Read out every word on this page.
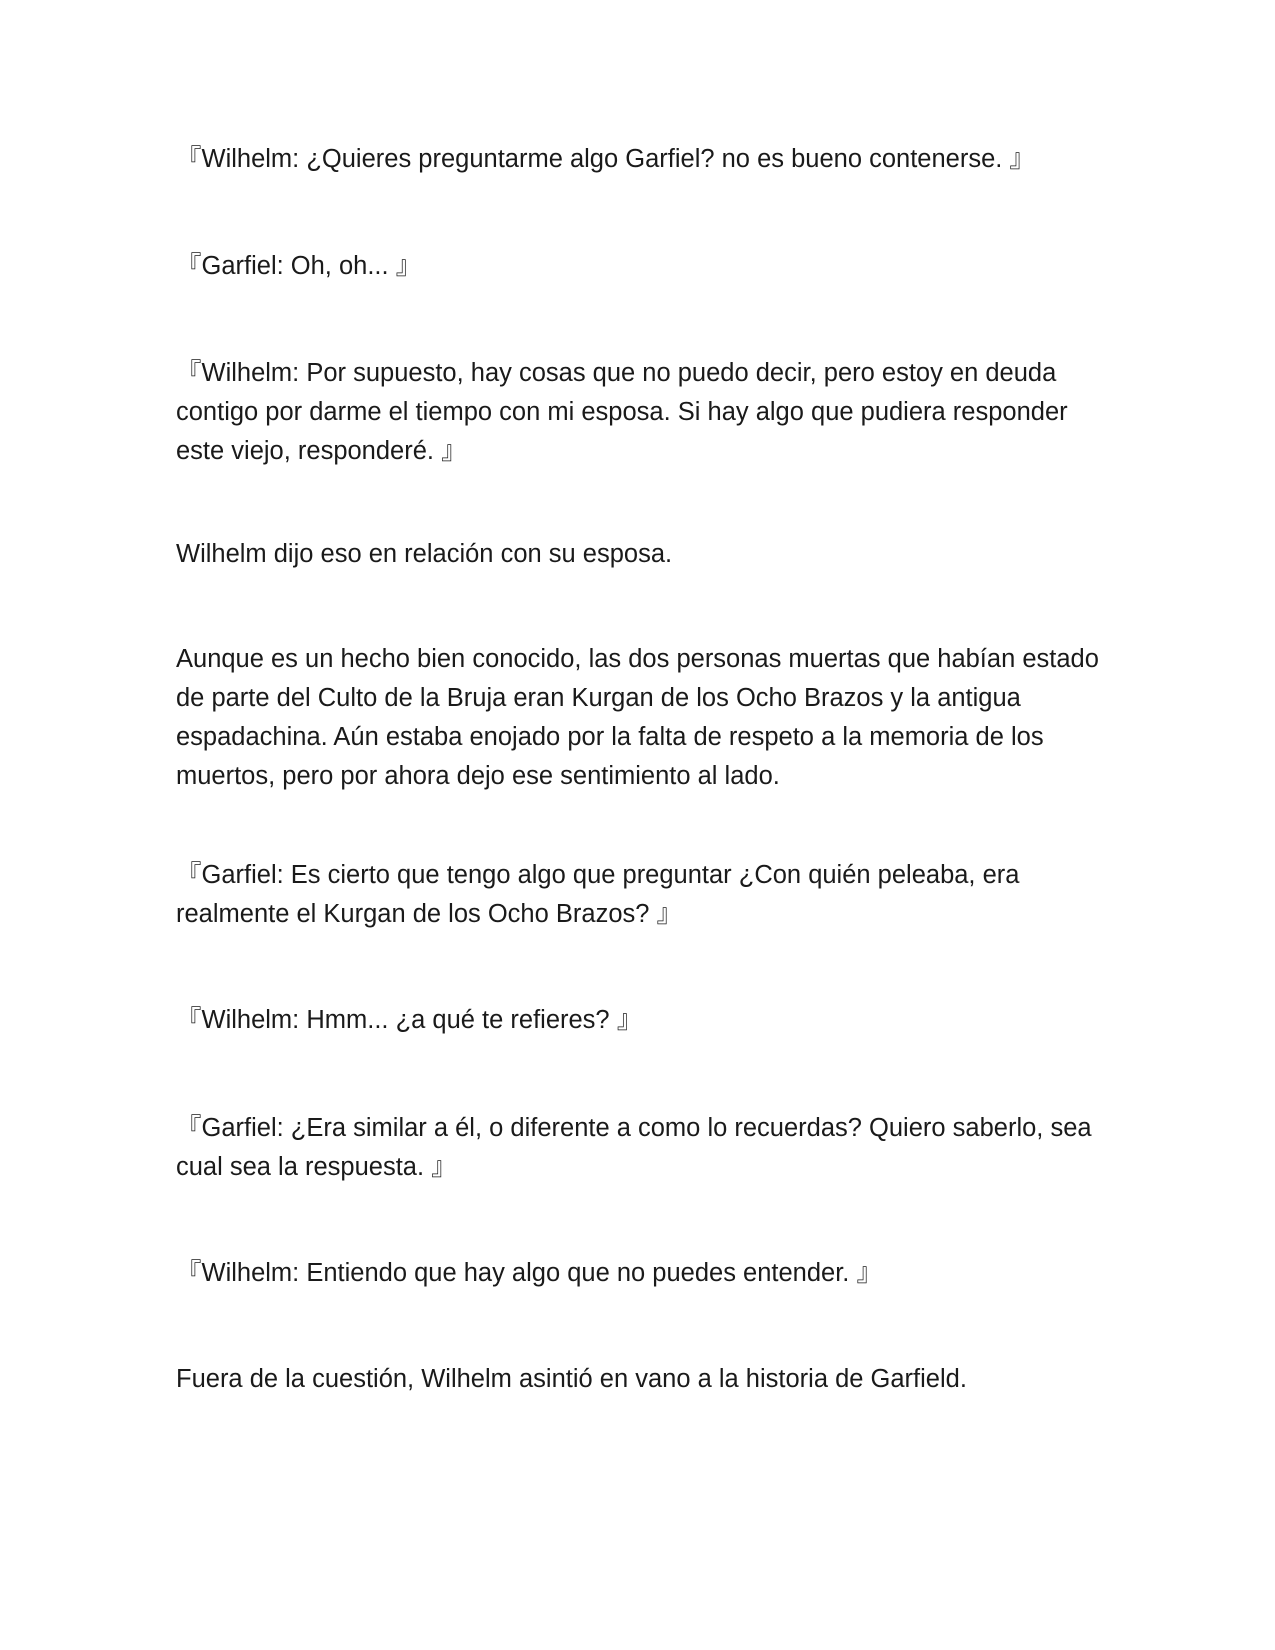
『Wilhelm: ¿Quieres preguntarme algo Garfiel? no es bueno contenerse. 』

『Garfiel: Oh, oh... 』

『Wilhelm: Por supuesto, hay cosas que no puedo decir, pero estoy en deuda contigo por darme el tiempo con mi esposa. Si hay algo que pudiera responder este viejo, responderé. 』

Wilhelm dijo eso en relación con su esposa.

Aunque es un hecho bien conocido, las dos personas muertas que habían estado de parte del Culto de la Bruja eran Kurgan de los Ocho Brazos y la antigua espadachina. Aún estaba enojado por la falta de respeto a la memoria de los muertos, pero por ahora dejo ese sentimiento al lado.

『Garfiel: Es cierto que tengo algo que preguntar ¿Con quién peleaba, era realmente el Kurgan de los Ocho Brazos? 』

『Wilhelm: Hmm... ¿a qué te refieres? 』

『Garfiel: ¿Era similar a él, o diferente a como lo recuerdas? Quiero saberlo, sea cual sea la respuesta. 』

『Wilhelm: Entiendo que hay algo que no puedes entender. 』

Fuera de la cuestión, Wilhelm asintió en vano a la historia de Garfield.
